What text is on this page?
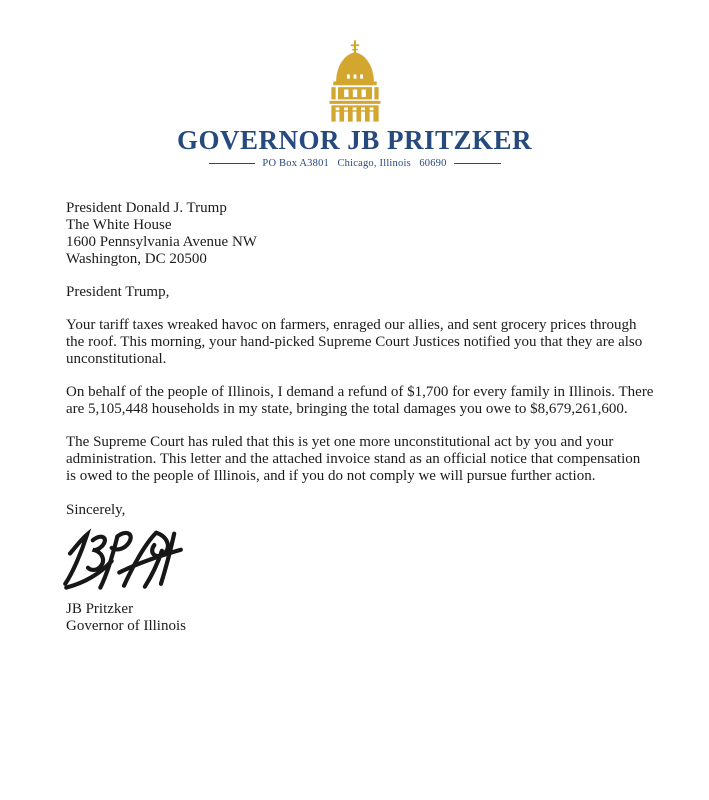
GOVERNOR JB PRITZKER
PO Box A3801   Chicago, Illinois   60690
President Donald J. Trump
The White House
1600 Pennsylvania Avenue NW
Washington, DC 20500
President Trump,
Your tariff taxes wreaked havoc on farmers, enraged our allies, and sent grocery prices through the roof. This morning, your hand-picked Supreme Court Justices notified you that they are also unconstitutional.
On behalf of the people of Illinois, I demand a refund of $1,700 for every family in Illinois. There are 5,105,448 households in my state, bringing the total damages you owe to $8,679,261,600.
The Supreme Court has ruled that this is yet one more unconstitutional act by you and your administration. This letter and the attached invoice stand as an official notice that compensation is owed to the people of Illinois, and if you do not comply we will pursue further action.
Sincerely,
JB Pritzker
Governor of Illinois
